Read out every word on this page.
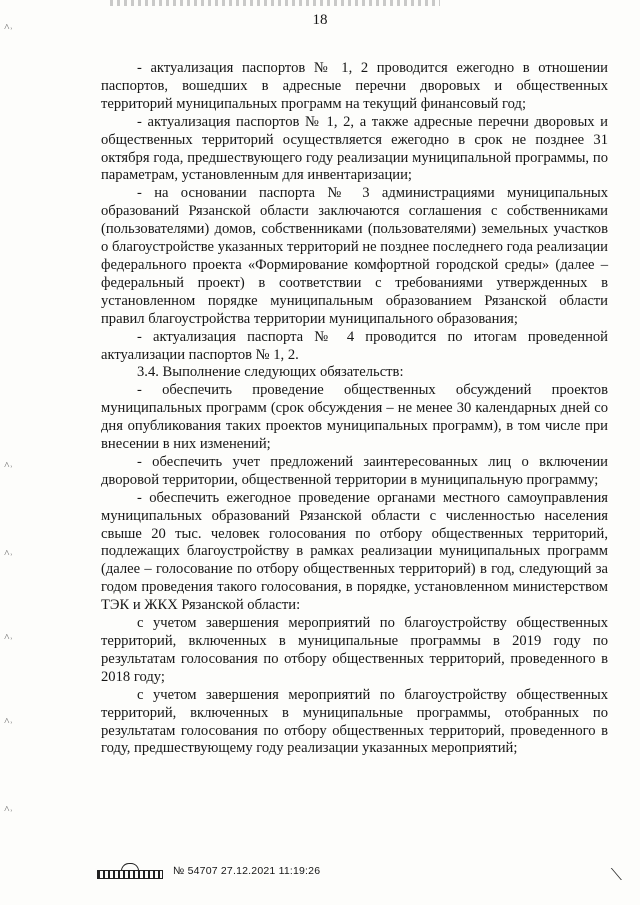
18
˄˒
˄˒
˄˒
˄˒
˄˒
˄˒

- актуализация паспортов № 1, 2 проводится ежегодно в отношении паспортов, вошедших в адресные перечни дворовых и общественных территорий муниципальных программ на текущий финансовый год;

- актуализация паспортов № 1, 2, а также адресные перечни дворовых и общественных территорий осуществляется ежегодно в срок не позднее 31 октября года, предшествующего году реализации муниципальной программы, по параметрам, установленным для инвентаризации;

- на основании паспорта № 3 администрациями муниципальных образований Рязанской области заключаются соглашения с собственниками (пользователями) домов, собственниками (пользователями) земельных участков о благоустройстве указанных территорий не позднее последнего года реализации федерального проекта «Формирование комфортной городской среды» (далее – федеральный проект) в соответствии с требованиями утвержденных в установленном порядке муниципальным образованием Рязанской области правил благоустройства территории муниципального образования;

- актуализация паспорта № 4 проводится по итогам проведенной актуализации паспортов № 1, 2.

3.4. Выполнение следующих обязательств:

- обеспечить проведение общественных обсуждений проектов муниципальных программ (срок обсуждения – не менее 30 календарных дней со дня опубликования таких проектов муниципальных программ), в том числе при внесении в них изменений;

- обеспечить учет предложений заинтересованных лиц о включении дворовой территории, общественной территории в муниципальную программу;

- обеспечить ежегодное проведение органами местного самоуправления муниципальных образований Рязанской области с численностью населения свыше 20 тыс. человек голосования по отбору общественных территорий, подлежащих благоустройству в рамках реализации муниципальных программ (далее – голосование по отбору общественных территорий) в год, следующий за годом проведения такого голосования, в порядке, установленном министерством ТЭК и ЖКХ Рязанской области:

с учетом завершения мероприятий по благоустройству общественных территорий, включенных в муниципальные программы в 2019 году по результатам голосования по отбору общественных территорий, проведенного в 2018 году;

с учетом завершения мероприятий по благоустройству общественных территорий, включенных в муниципальные программы, отобранных по результатам голосования по отбору общественных территорий, проведенного в году, предшествующему году реализации указанных мероприятий;

№ 54707 27.12.2021 11:19:26	⟍
